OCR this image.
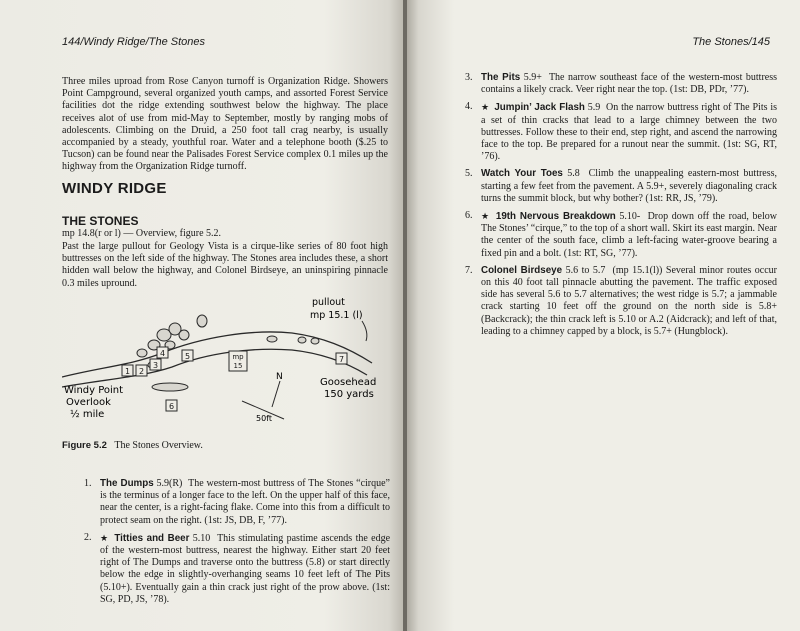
144/Windy Ridge/The Stones
Three miles uproad from Rose Canyon turnoff is Organization Ridge. Showers Point Campground, several organized youth camps, and assorted Forest Service facilities dot the ridge extending southwest below the highway. The place receives alot of use from mid-May to September, mostly by ranging mobs of adolescents. Climbing on the Druid, a 250 foot tall crag nearby, is usually accompanied by a steady, youthful roar. Water and a telephone booth ($.25 to Tucson) can be found near the Palisades Forest Service complex 0.1 miles up the highway from the Organization Ridge turnoff.
WINDY RIDGE
THE STONES
mp 14.8(r or l) — Overview, figure 5.2.
Past the large pullout for Geology Vista is a cirque-like series of 80 foot high buttresses on the left side of the highway. The Stones area includes these, a short hidden wall below the highway, and Colonel Birdseye, an uninspiring pinnacle 0.3 miles upround.
1 2
3
4 5
6
7
mp
15
pullout
mp 15.1 (l)
Windy Point
Overlook
½ mile
Goosehead
150 yards
N
50ft
Figure 5.2 The Stones Overview.
1. The Dumps 5.9(R) The western-most buttress of The Stones “cirque” is the terminus of a longer face to the left. On the upper half of this face, near the center, is a right-facing flake. Come into this from a difficult to protect seam on the right. (1st: JS, DB, F, ’77).
2. ★ Titties and Beer 5.10 This stimulating pastime ascends the edge of the western-most buttress, nearest the highway. Either start 20 feet right of The Dumps and traverse onto the buttress (5.8) or start directly below the edge in slightly-overhanging seams 10 feet left of The Pits (5.10+). Eventually gain a thin crack just right of the prow above. (1st: SG, PD, JS, ’78).
The Stones/145
3. The Pits 5.9+ The narrow southeast face of the western-most buttress contains a likely crack. Veer right near the top. (1st: DB, PDr, ’77).
4. ★ Jumpin’ Jack Flash 5.9 On the narrow buttress right of The Pits is a set of thin cracks that lead to a large chimney between the two buttresses. Follow these to their end, step right, and ascend the narrowing face to the top. Be prepared for a runout near the summit. (1st: SG, RT, ’76).
5. Watch Your Toes 5.8 Climb the unappealing eastern-most buttress, starting a few feet from the pavement. A 5.9+, severely diagonaling crack turns the summit block, but why bother? (1st: RR, JS, ’79).
6. ★ 19th Nervous Breakdown 5.10- Drop down off the road, below The Stones’ “cirque,” to the top of a short wall. Skirt its east margin. Near the center of the south face, climb a left-facing water-groove bearing a fixed pin and a bolt. (1st: RT, SG, ’77).
7. Colonel Birdseye 5.6 to 5.7 (mp 15.1(l)) Several minor routes occur on this 40 foot tall pinnacle abutting the pavement. The traffic exposed side has several 5.6 to 5.7 alternatives; the west ridge is 5.7; a jammable crack starting 10 feet off the ground on the north side is 5.8+ (Backcrack); the thin crack left is 5.10 or A.2 (Aidcrack); and left of that, leading to a chimney capped by a block, is 5.7+ (Hungblock).
